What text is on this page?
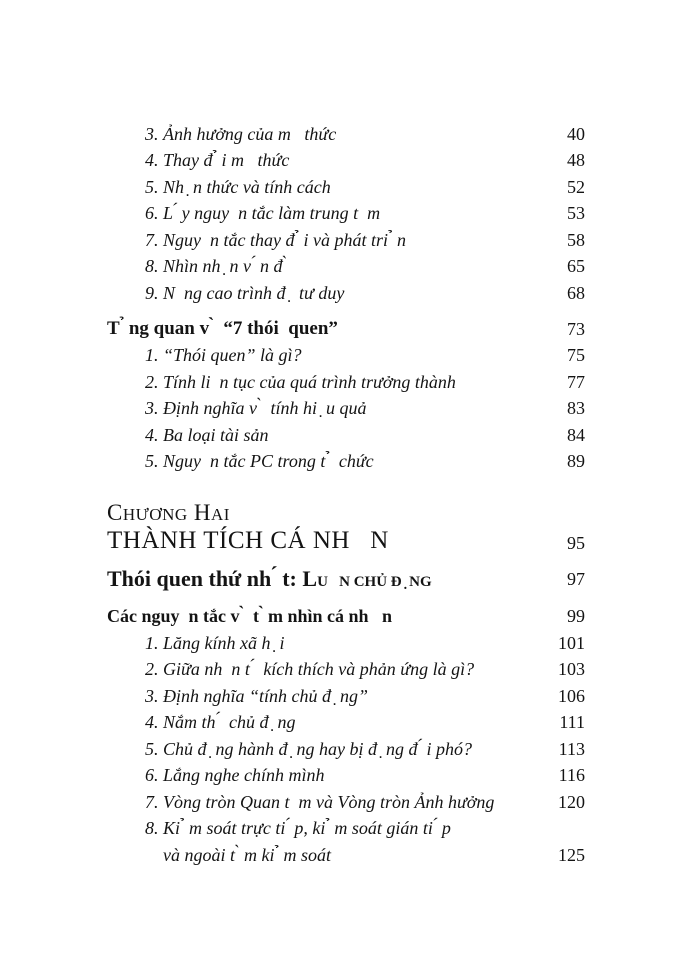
3. Ảnh hưởng của m   thức	40
4. Thay đ ̉ i m   thức	48
5. Nh ̣ n thức và tính cách	52
6. L ́ y nguy  n tắc làm trung t  m	53
7. Nguy  n tắc thay đ ̉ i và phát tri ̉ n	58
8. Nhìn nh ̣ n v ́ n đ ̀	65
9. N  ng cao trình đ ̣  tư duy	68
T ̉ ng quan v ̀  “7 thói  quen”	73
1. “Thói quen” là gì?	75
2. Tính li  n tục của quá trình trưởng thành	77
3. Định nghĩa v ̀  tính hi ̣ u quả	83
4. Ba loại tài sản	84
5. Nguy  n tắc PC trong t ̉  chức	89
CHƯƠNG HAI
THÀNH TÍCH CÁ NH   N	95
Thói quen thứ nh ́ t: LU   N CHỦ Đ ̣ NG	97
Các nguy  n tắc v ̀  t ̀ m nhìn cá nh   n	99
1. Lăng kính xã h ̣ i	101
2. Giữa nh  n t ́  kích thích và phản ứng là gì?	103
3. Định nghĩa “tính chủ đ ̣ ng”	106
4. Nắm th ́  chủ đ ̣ ng	111
5. Chủ đ ̣ ng hành đ ̣ ng hay bị đ ̣ ng đ ́ i phó?	113
6. Lắng nghe chính mình	116
7. Vòng tròn Quan t  m và Vòng tròn Ảnh hưởng	120
8. Ki ̉ m soát trực ti ́ p, ki ̉ m soát gián ti ́ p
và ngoài t ̀ m ki ̉ m soát	125
